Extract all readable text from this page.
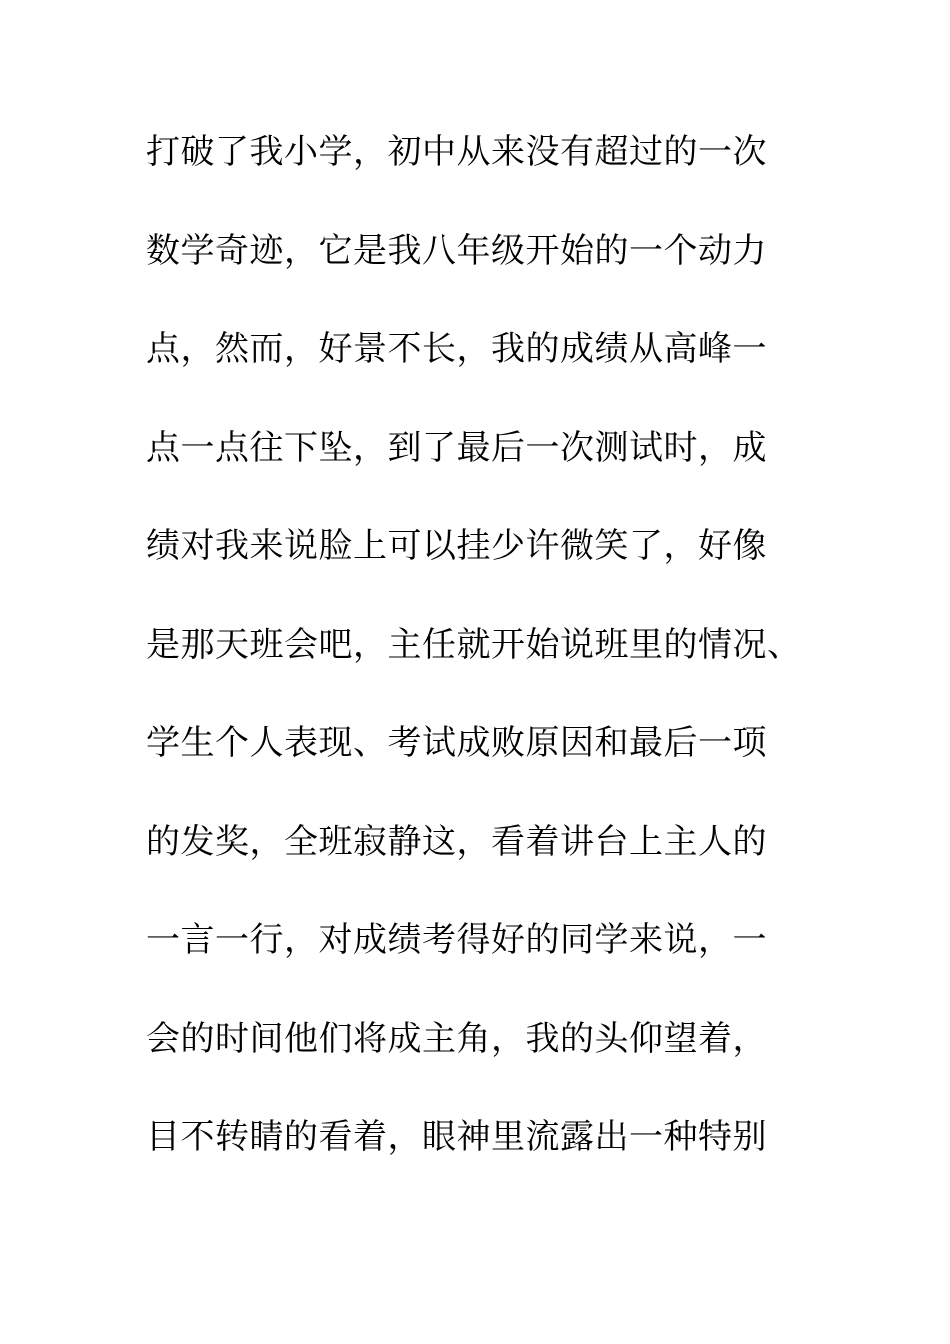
打破了我小学，初中从来没有超过的一次
数学奇迹，它是我八年级开始的一个动力
点，然而，好景不长，我的成绩从高峰一
点一点往下坠，到了最后一次测试时，成
绩对我来说脸上可以挂少许微笑了，好像
是那天班会吧，主任就开始说班里的情况、
学生个人表现、考试成败原因和最后一项
的发奖，全班寂静这，看着讲台上主人的
一言一行，对成绩考得好的同学来说，一
会的时间他们将成主角，我的头仰望着，
目不转睛的看着，眼神里流露出一种特别
